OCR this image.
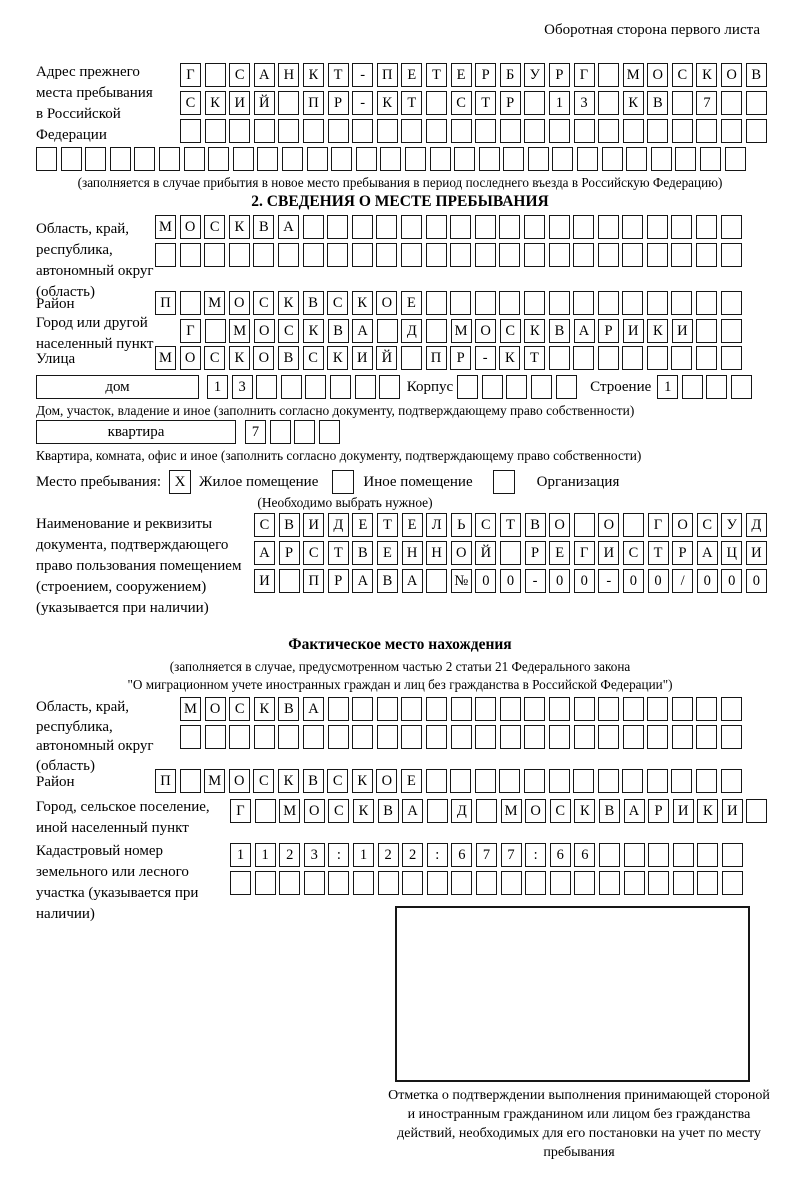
Оборотная сторона первого листа
Адрес прежнего места пребывания в Российской Федерации
Г	С	А Н	К	Т	-	П	Е	Т	Е	Р	Б	У	Р	Г	М О	С	К	О	В
С	К	И Й	П	Р	-	К	Т	С	Т	Р	1	3	К	В	7
(заполняется в случае прибытия в новое место пребывания в период последнего въезда в Российскую Федерацию)
2. СВЕДЕНИЯ О МЕСТЕ ПРЕБЫВАНИЯ
Область, край, республика, автономный округ (область)
М О	С	К	В	А
Район	П	М О	С	К	В	С	К	О	Е
Город или другой населенный пункт
Г	М О	С	К	В	А	Д	М О	С	К	В	А	Р	И	К	И
Улица	М О	С	К	О	В	С	К	И Й	П	Р	-	К	Т
дом	1	3	Корпус	Строение 1
Дом, участок, владение и иное (заполнить согласно документу, подтверждающему право собственности)
квартира	7
Квартира, комната, офис и иное (заполнить согласно документу, подтверждающему право собственности)
Место пребывания: X Жилое помещение	Иное помещение	Организация
(Необходимо выбрать нужное)
Наименование и реквизиты документа, подтверждающего право пользования помещением (строением, сооружением) (указывается при наличии)
С	В	И Д	Е	Т	Е	Л	Ь	С	Т	В	О	О	Г	О	С	У	Д
А	Р	С	Т	В	Е	Н Н О Й	Р	Е	Г	И	С	Т	Р	А Ц И
И	П	Р	А	В	А	№ 0	0	-	0	0	-	0	0	/	0	0	0
Фактическое место нахождения
(заполняется в случае, предусмотренном частью 2 статьи 21 Федерального закона
"О миграционном учете иностранных граждан и лиц без гражданства в Российской Федерации")
Область, край, республика, автономный округ (область)
М О	С	К	В	А
Район	П	М О	С	К	В	С	К	О	Е
Город, сельское поселение, иной населенный пункт
Г	М О	С	К	В	А	Д	М О	С	К	В	А	Р	И	К	И
Кадастровый номер земельного или лесного участка (указывается при наличии)
1	1	2	3	:	1	2	2	:	6	7	7	:	6	6
Отметка о подтверждении выполнения принимающей стороной и иностранным гражданином или лицом без гражданства действий, необходимых для его постановки на учет по месту пребывания
